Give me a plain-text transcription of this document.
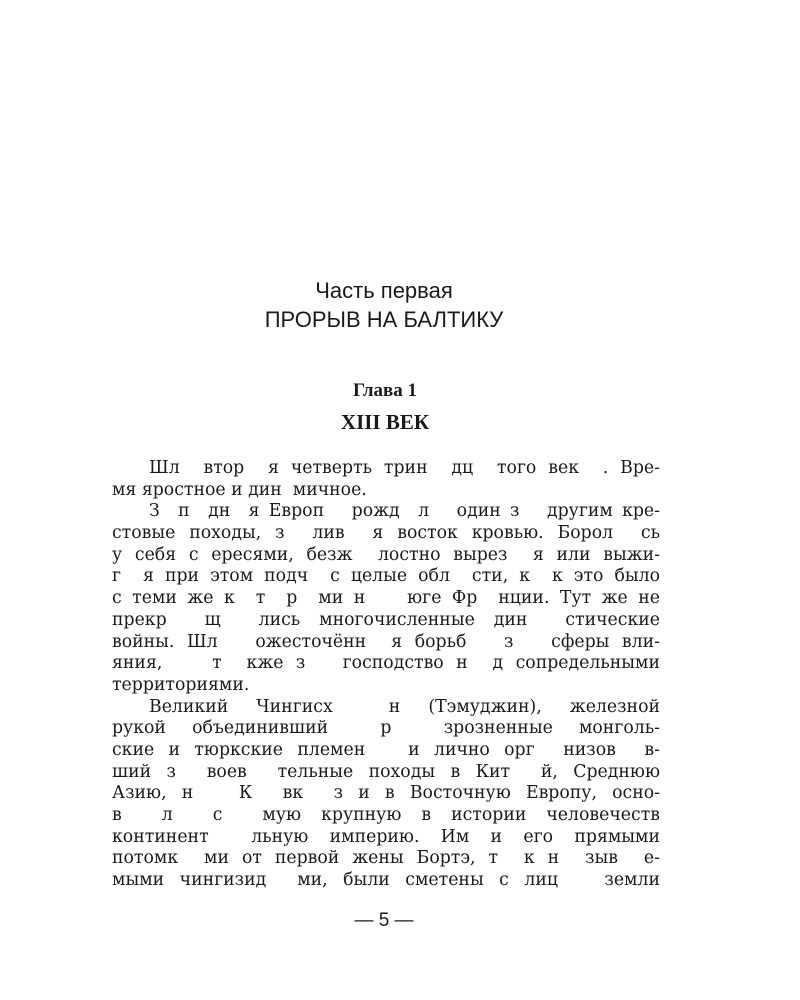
Часть первая
ПРОРЫВ НА БАЛТИКУ
Глава 1
XIII ВЕК
Шл  втор  я четверть трин  дц  того век  . Вре-
мя яростное и дин  мичное.
З  п  дн  я Европ   рожд  л   один з   другим кре-
стовые походы, з  лив  я восток кровью. Борол  сь
у себя с ересями, безж  лостно вырез  я или выжи-
г  я при этом подч  с целые обл  сти, к  к это было
с теми же к  т  р  ми н    юге Фр  нции. Тут же не
прекр  щ  лись многочисленные дин  стические
войны. Шл   ожесточённ  я борьб   з   сферы вли-
яния,    т  кже з   господство н  д сопредельными
территориями.
Великий Чингисх  н (Тэмуджин), железной
рукой объединивший  р  зрозненные монголь-
ские и тюркские племен   и лично орг  низов  в-
ший з  воев  тельные походы в Кит  й, Среднюю
Азию, н   К  вк  з и в Восточную Европу, осно-
в  л  с  мую крупную в истории человечеств
континент  льную империю. Им и его прямыми
потомк  ми от первой жены Бортэ, т  к н  зыв  е-
мыми чингизид  ми, были сметены с лиц   земли
— 5 —
